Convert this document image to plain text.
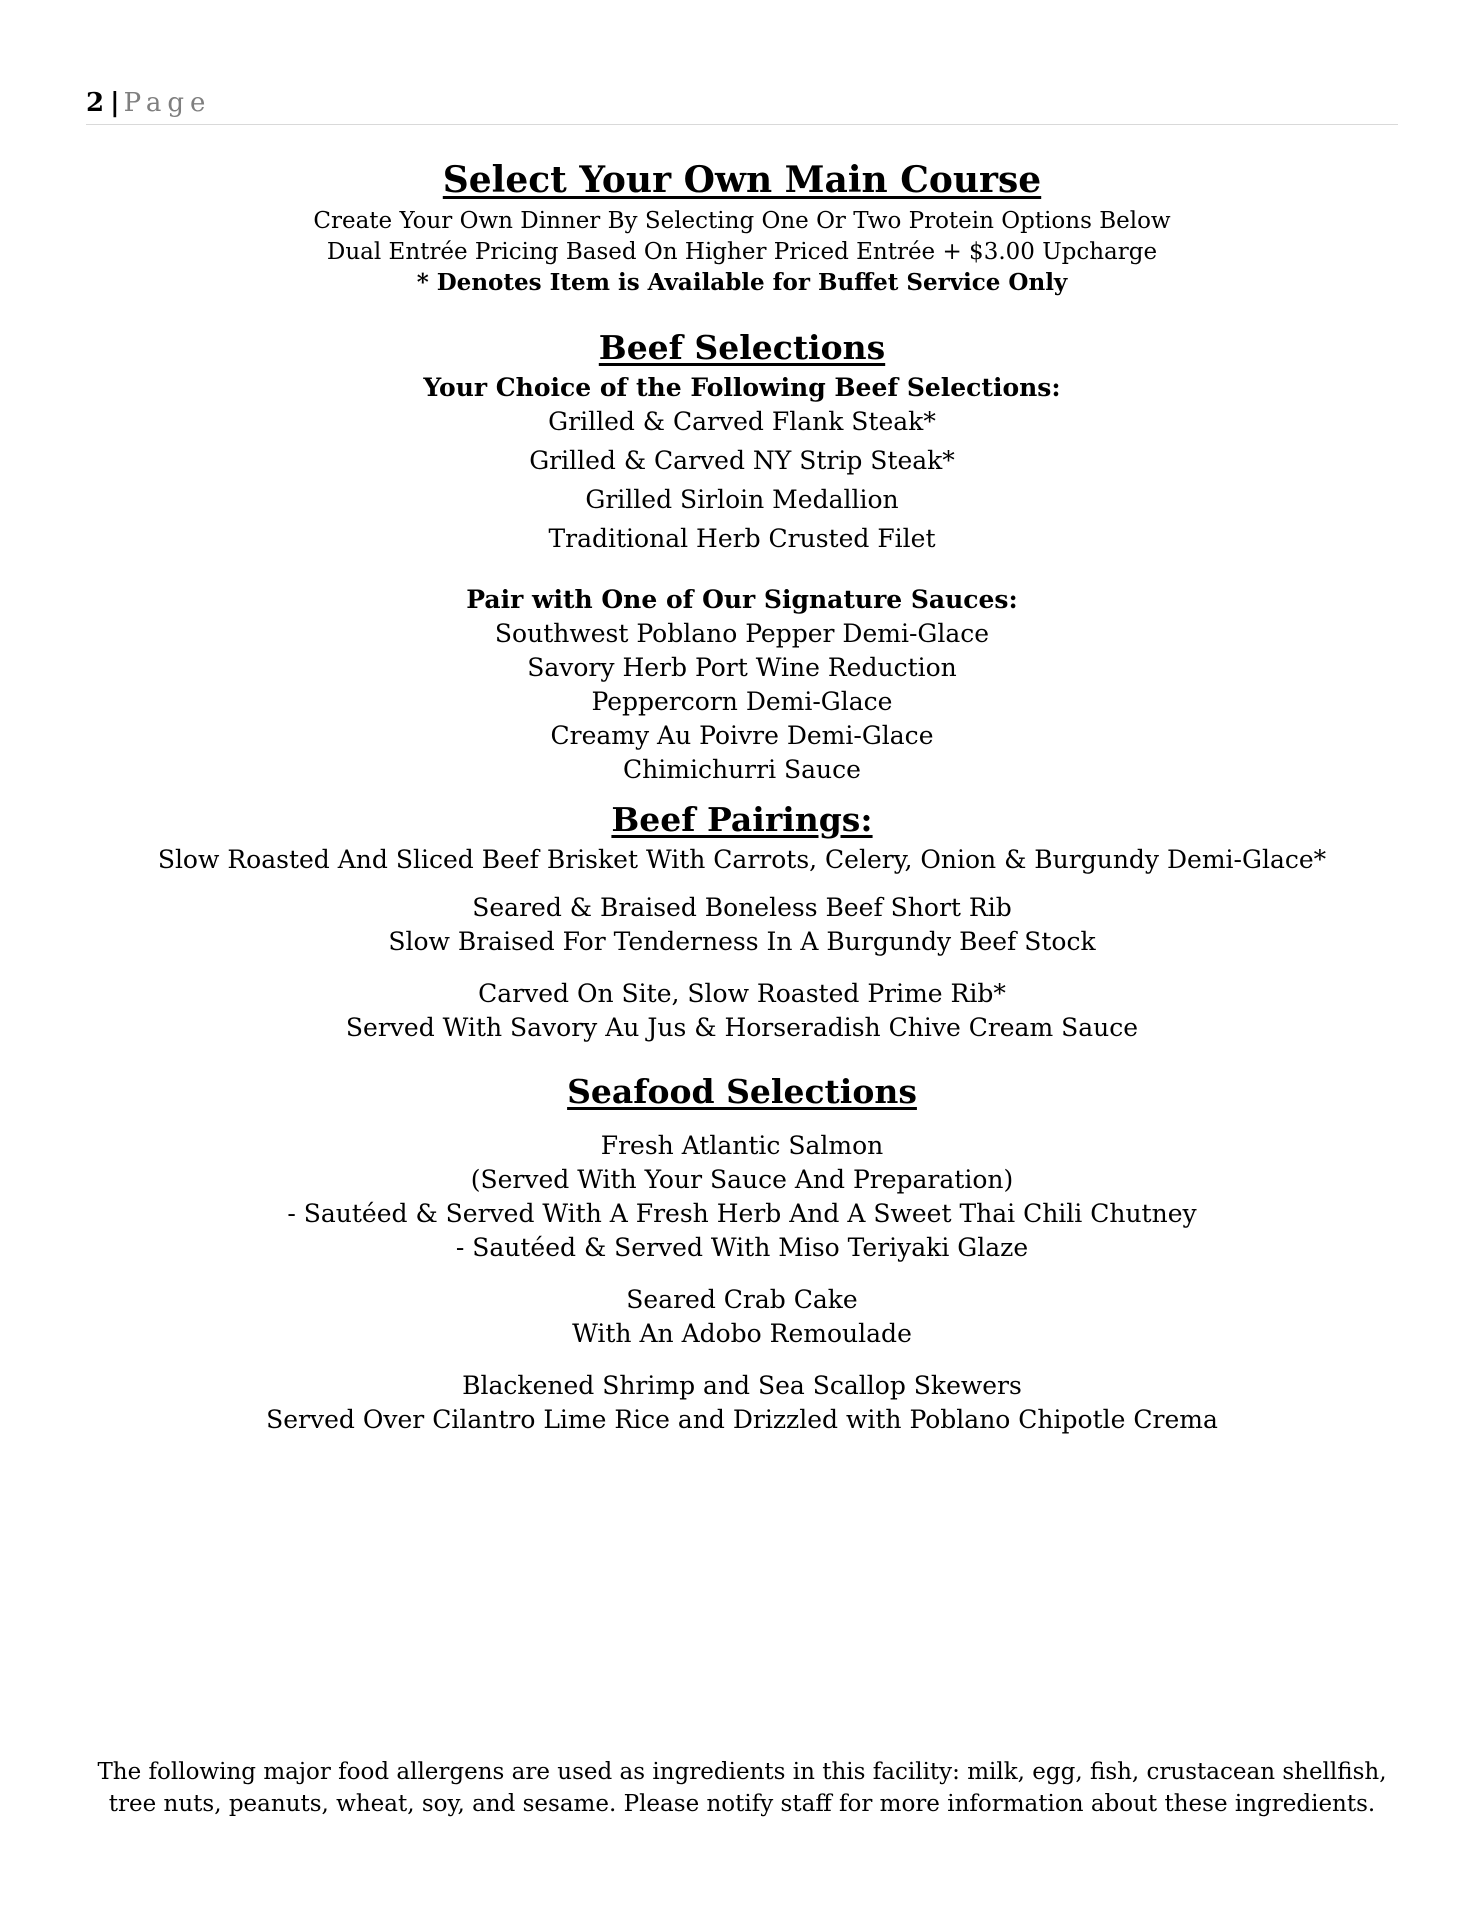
2 | Page
Select Your Own Main Course
Create Your Own Dinner By Selecting One Or Two Protein Options Below
Dual Entrée Pricing Based On Higher Priced Entrée + $3.00 Upcharge
* Denotes Item is Available for Buffet Service Only
Beef Selections
Your Choice of the Following Beef Selections:
Grilled & Carved Flank Steak*
Grilled & Carved NY Strip Steak*
Grilled Sirloin Medallion
Traditional Herb Crusted Filet
Pair with One of Our Signature Sauces:
Southwest Poblano Pepper Demi-Glace
Savory Herb Port Wine Reduction
Peppercorn Demi-Glace
Creamy Au Poivre Demi-Glace
Chimichurri Sauce
Beef Pairings:
Slow Roasted And Sliced Beef Brisket With Carrots, Celery, Onion & Burgundy Demi-Glace*
Seared & Braised Boneless Beef Short Rib
Slow Braised For Tenderness In A Burgundy Beef Stock
Carved On Site, Slow Roasted Prime Rib*
Served With Savory Au Jus & Horseradish Chive Cream Sauce
Seafood Selections
Fresh Atlantic Salmon
(Served With Your Sauce And Preparation)
- Sautéed & Served With A Fresh Herb And A Sweet Thai Chili Chutney
- Sautéed & Served With Miso Teriyaki Glaze
Seared Crab Cake
With An Adobo Remoulade
Blackened Shrimp and Sea Scallop Skewers
Served Over Cilantro Lime Rice and Drizzled with Poblano Chipotle Crema
The following major food allergens are used as ingredients in this facility: milk, egg, fish, crustacean shellfish, tree nuts, peanuts, wheat, soy, and sesame. Please notify staff for more information about these ingredients.
